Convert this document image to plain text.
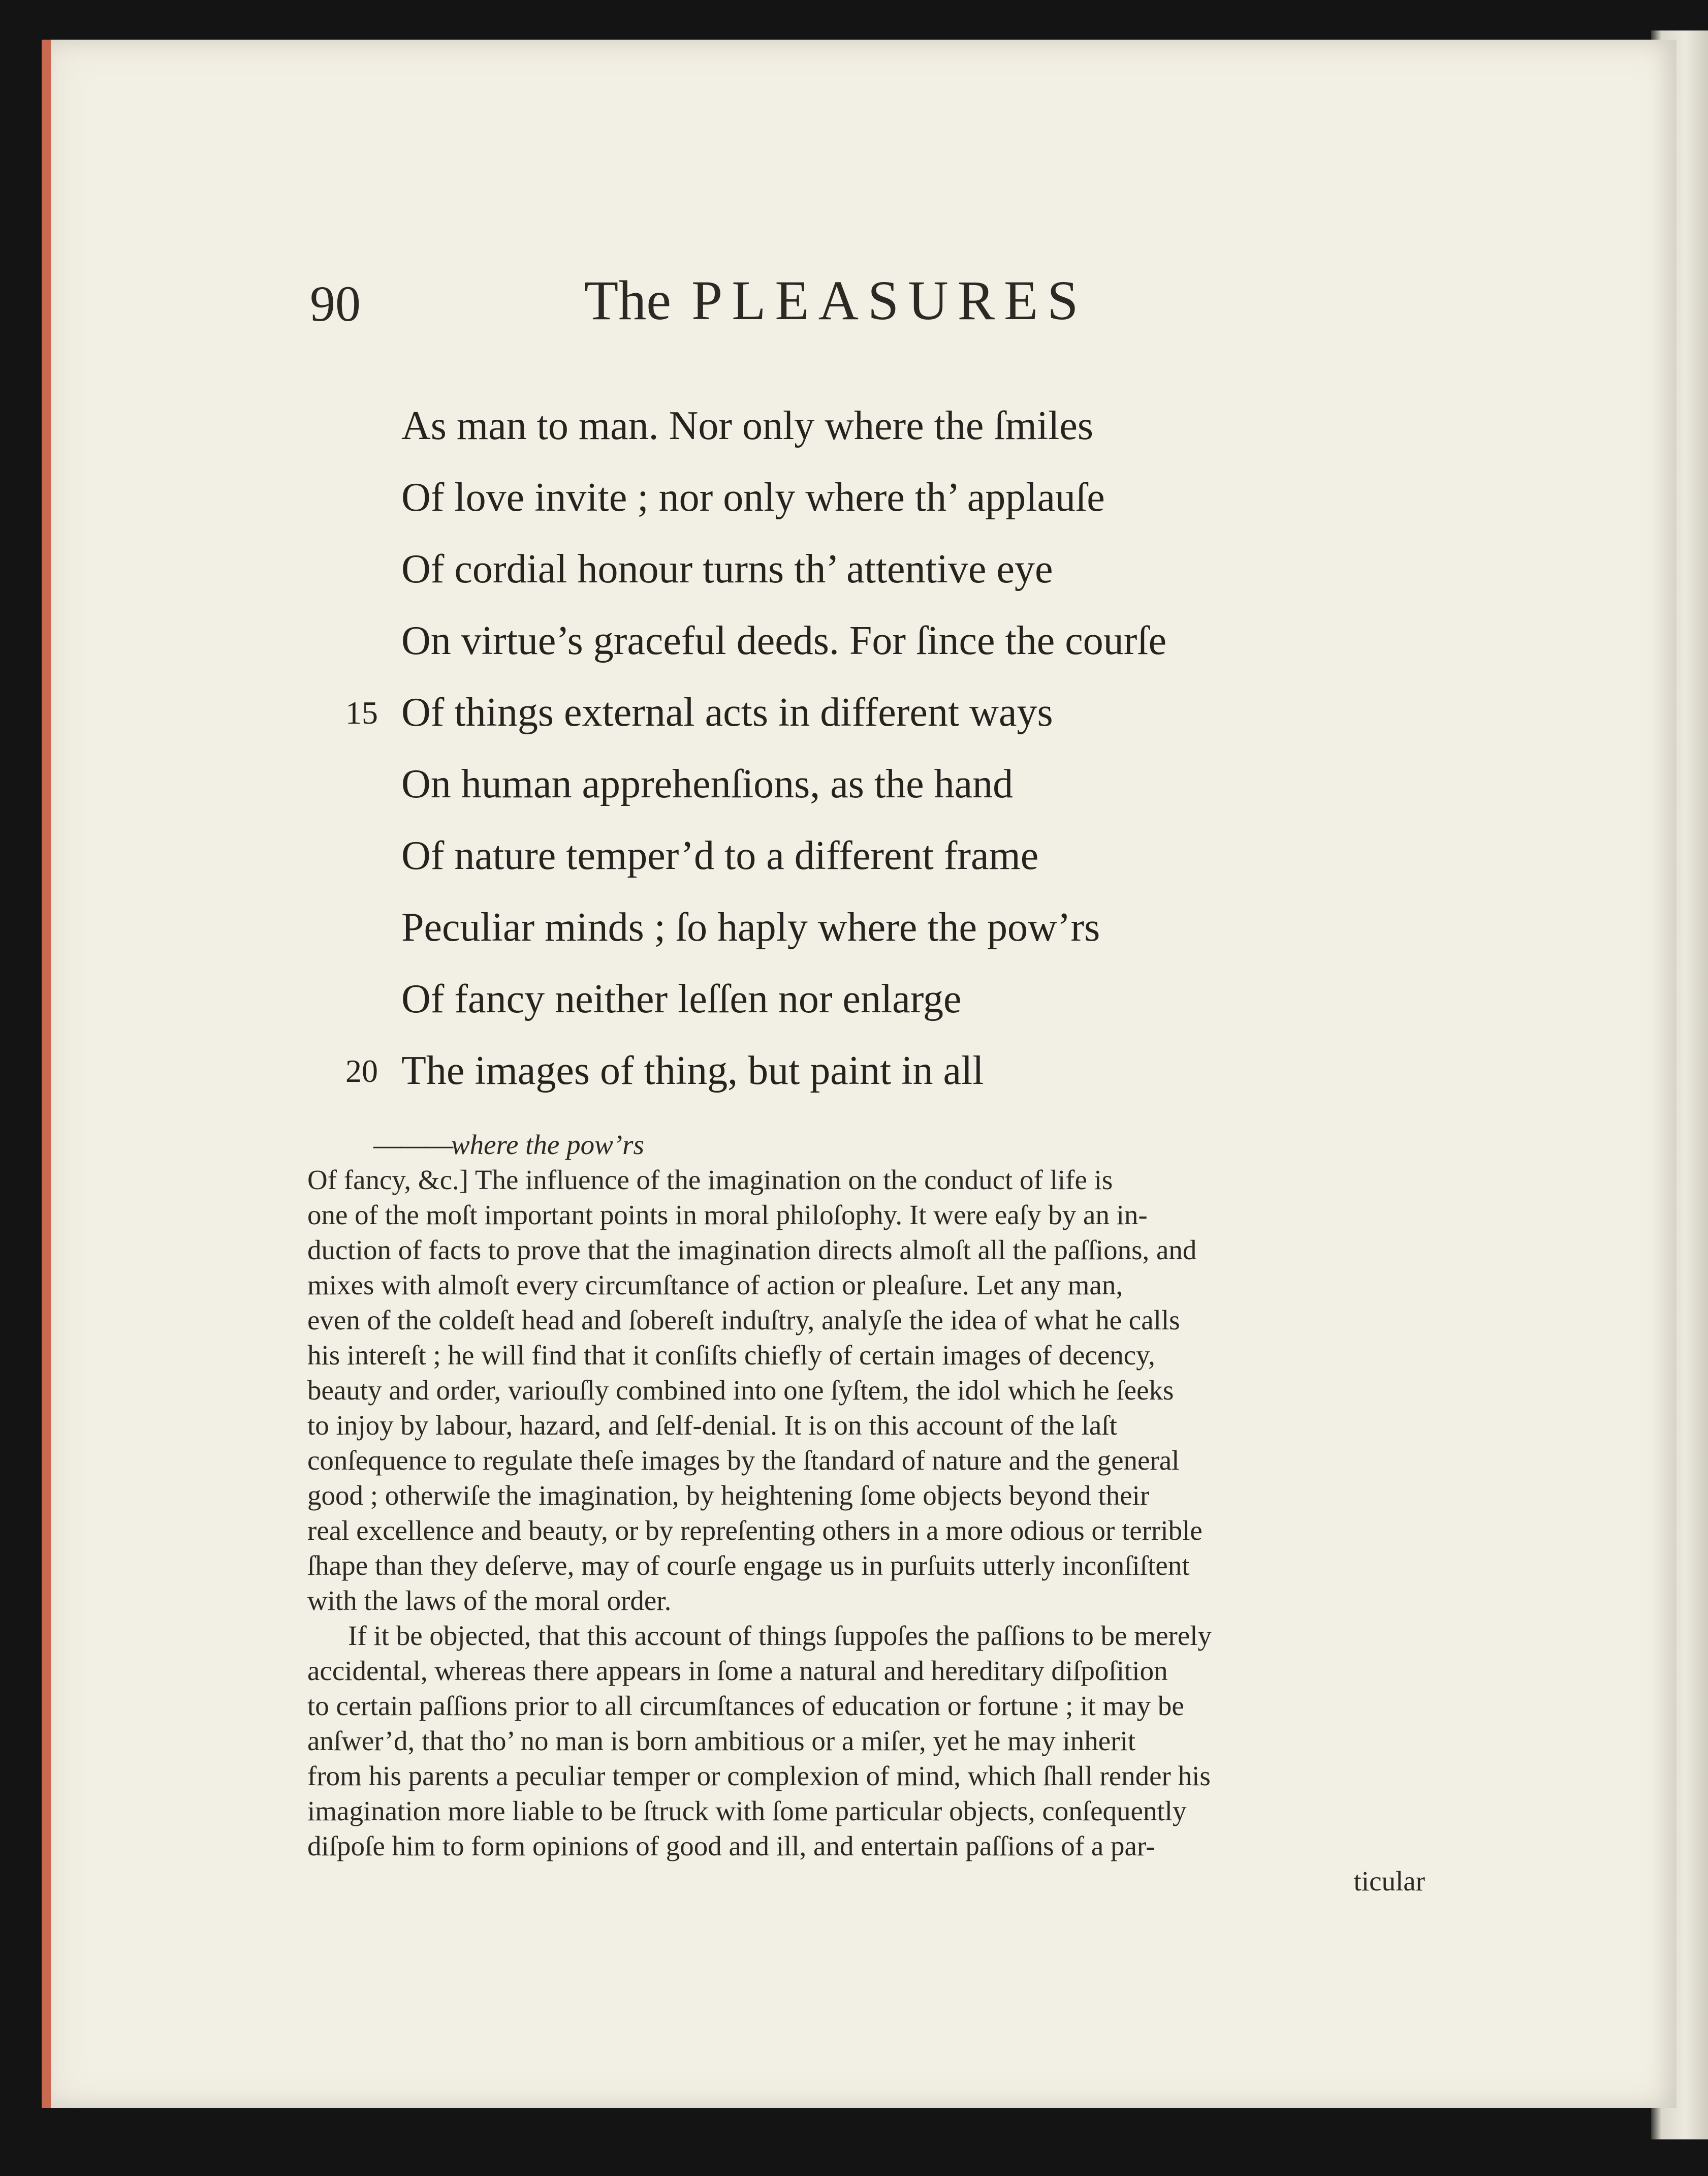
90	The PLEASURES
As man to man. Nor only where the ſmiles
Of love invite ; nor only where th’ applauſe
Of cordial honour turns th’ attentive eye
On virtue’s graceful deeds. For ſince the courſe
15 Of things external acts in different ways
On human apprehenſions, as the hand
Of nature temper’d to a different frame
Peculiar minds ; ſo haply where the pow’rs
Of fancy neither leſſen nor enlarge
20 The images of thing, but paint in all
———where the pow’rs
Of fancy, &c.] The influence of the imagination on the conduct of life is
one of the moſt important points in moral philoſophy. It were eaſy by an in-
duction of facts to prove that the imagination directs almoſt all the paſſions, and
mixes with almoſt every circumſtance of action or pleaſure. Let any man,
even of the coldeſt head and ſobereſt induſtry, analyſe the idea of what he calls
his intereſt ; he will find that it conſiſts chiefly of certain images of decency,
beauty and order, variouſly combined into one ſyſtem, the idol which he ſeeks
to injoy by labour, hazard, and ſelf-denial. It is on this account of the laſt
conſequence to regulate theſe images by the ſtandard of nature and the general
good ; otherwiſe the imagination, by heightening ſome objects beyond their
real excellence and beauty, or by repreſenting others in a more odious or terrible
ſhape than they deſerve, may of courſe engage us in purſuits utterly inconſiſtent
with the laws of the moral order.
If it be objected, that this account of things ſuppoſes the paſſions to be merely
accidental, whereas there appears in ſome a natural and hereditary diſpoſition
to certain paſſions prior to all circumſtances of education or fortune ; it may be
anſwer’d, that tho’ no man is born ambitious or a miſer, yet he may inherit
from his parents a peculiar temper or complexion of mind, which ſhall render his
imagination more liable to be ſtruck with ſome particular objects, conſequently
diſpoſe him to form opinions of good and ill, and entertain paſſions of a par-
ticular
